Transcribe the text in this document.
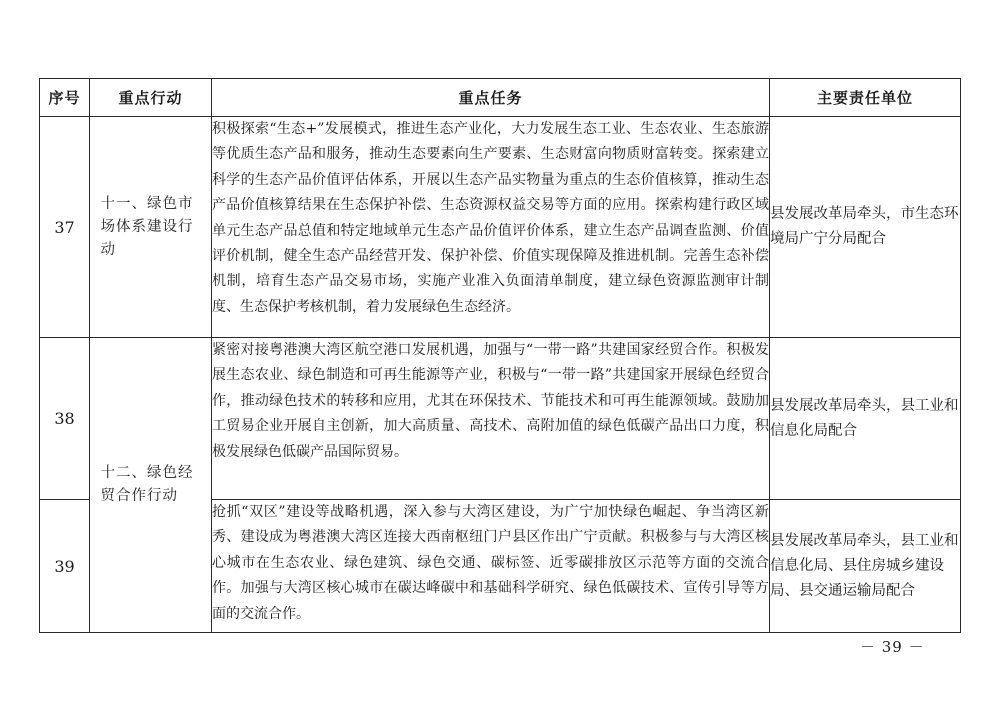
序号	重点行动	重点任务	主要责任单位
37	十一、绿色市场体系建设行动	积极探索“生态+”发展模式，推进生态产业化，大力发展生态工业、生态农业、生态旅游等优质生态产品和服务，推动生态要素向生产要素、生态财富向物质财富转变。探索建立科学的生态产品价值评估体系，开展以生态产品实物量为重点的生态价值核算，推动生态产品价值核算结果在生态保护补偿、生态资源权益交易等方面的应用。探索构建行政区域单元生态产品总值和特定地域单元生态产品价值评价体系，建立生态产品调查监测、价值评价机制，健全生态产品经营开发、保护补偿、价值实现保障及推进机制。完善生态补偿机制，培育生态产品交易市场，实施产业准入负面清单制度，建立绿色资源监测审计制度、生态保护考核机制，着力发展绿色生态经济。	县发展改革局牵头，市生态环境局广宁分局配合
38	十二、绿色经贸合作行动	紧密对接粤港澳大湾区航空港口发展机遇，加强与“一带一路”共建国家经贸合作。积极发展生态农业、绿色制造和可再生能源等产业，积极与“一带一路”共建国家开展绿色经贸合作，推动绿色技术的转移和应用，尤其在环保技术、节能技术和可再生能源领域。鼓励加工贸易企业开展自主创新，加大高质量、高技术、高附加值的绿色低碳产品出口力度，积极发展绿色低碳产品国际贸易。	县发展改革局牵头，县工业和信息化局配合
39		抢抓“双区”建设等战略机遇，深入参与大湾区建设，为广宁加快绿色崛起、争当湾区新秀、建设成为粤港澳大湾区连接大西南枢纽门户县区作出广宁贡献。积极参与与大湾区核心城市在生态农业、绿色建筑、绿色交通、碳标签、近零碳排放区示范等方面的交流合作。加强与大湾区核心城市在碳达峰碳中和基础科学研究、绿色低碳技术、宣传引导等方面的交流合作。	县发展改革局牵头，县工业和信息化局、县住房城乡建设局、县交通运输局配合
－ 39 －
